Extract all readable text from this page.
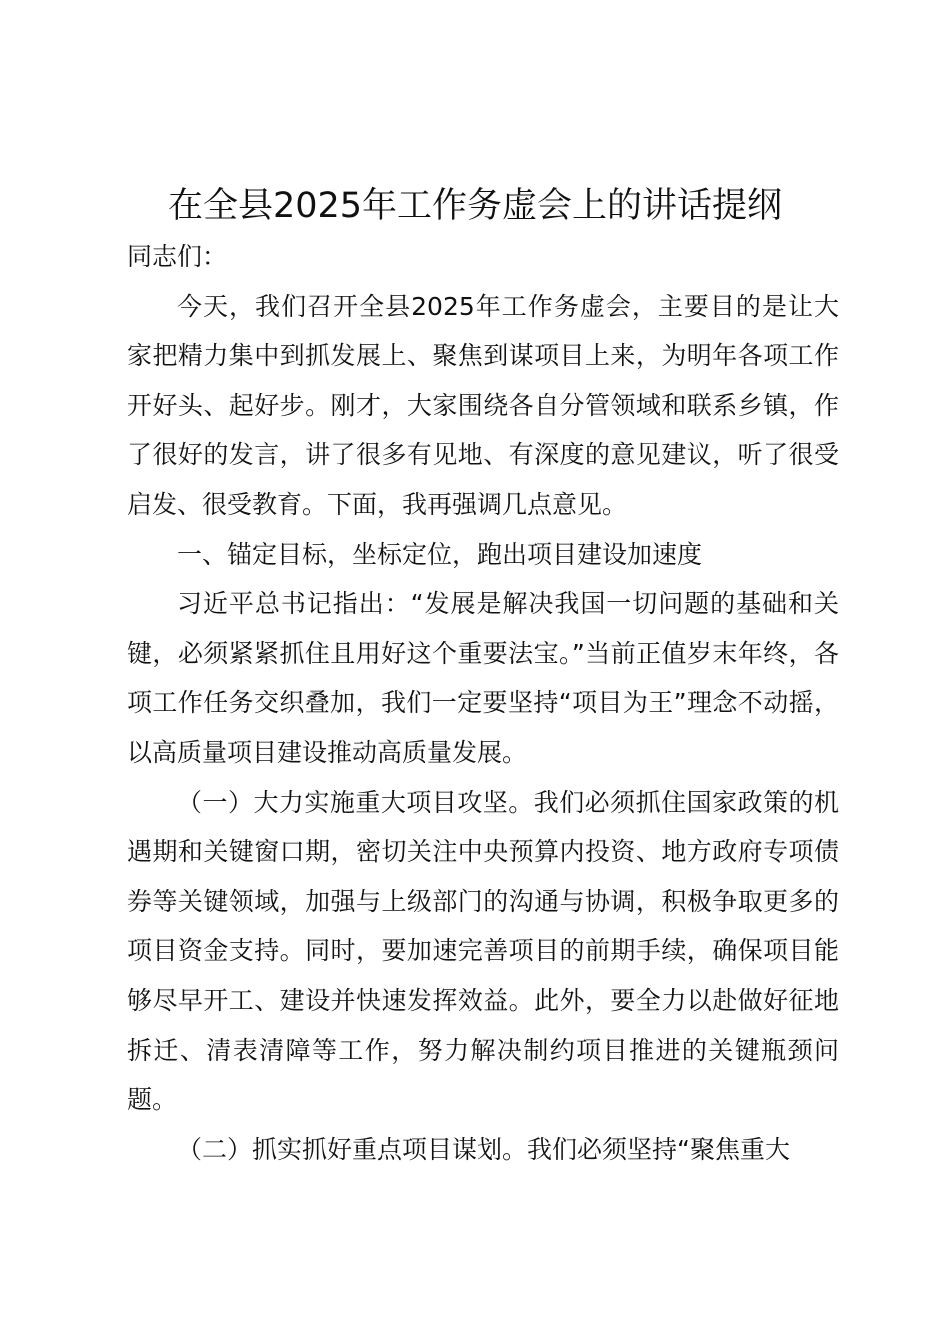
在全县2025年工作务虚会上的讲话提纲

同志们：

今天，我们召开全县2025年工作务虚会，主要目的是让大家把精力集中到抓发展上、聚焦到谋项目上来，为明年各项工作开好头、起好步。刚才，大家围绕各自分管领域和联系乡镇，作了很好的发言，讲了很多有见地、有深度的意见建议，听了很受启发、很受教育。下面，我再强调几点意见。

一、锚定目标，坐标定位，跑出项目建设加速度

习近平总书记指出：“发展是解决我国一切问题的基础和关键，必须紧紧抓住且用好这个重要法宝。”当前正值岁末年终，各项工作任务交织叠加，我们一定要坚持“项目为王”理念不动摇，以高质量项目建设推动高质量发展。

（一）大力实施重大项目攻坚。我们必须抓住国家政策的机遇期和关键窗口期，密切关注中央预算内投资、地方政府专项债券等关键领域，加强与上级部门的沟通与协调，积极争取更多的项目资金支持。同时，要加速完善项目的前期手续，确保项目能够尽早开工、建设并快速发挥效益。此外，要全力以赴做好征地拆迁、清表清障等工作，努力解决制约项目推进的关键瓶颈问题。

（二）抓实抓好重点项目谋划。我们必须坚持“聚焦重大
